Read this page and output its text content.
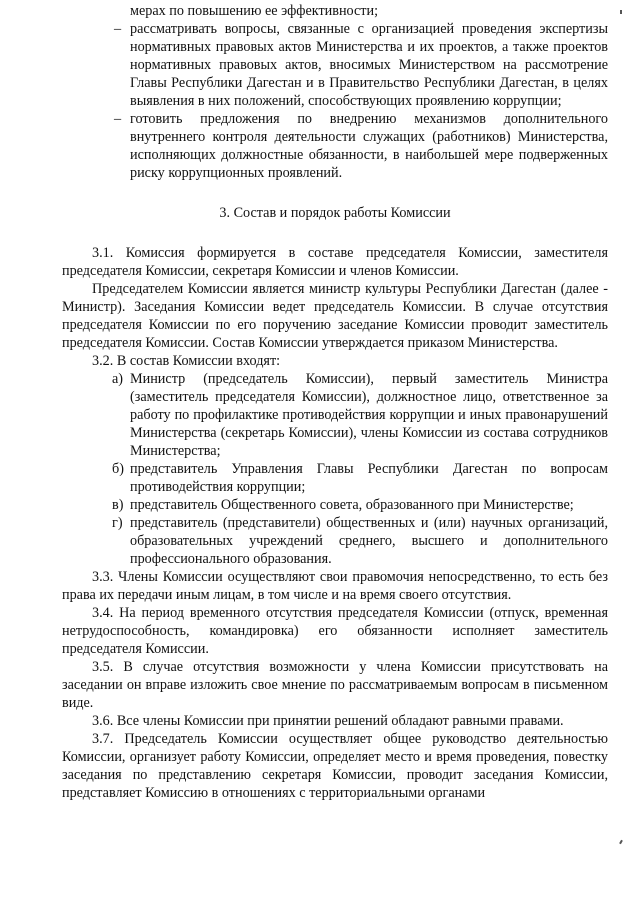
мерах по повышению ее эффективности;
– рассматривать вопросы, связанные с организацией проведения экспертизы нормативных правовых актов Министерства и их проектов, а также проектов нормативных правовых актов, вносимых Министерством на рассмотрение Главы Республики Дагестан и в Правительство Республики Дагестан, в целях выявления в них положений, способствующих проявлению коррупции;
– готовить предложения по внедрению механизмов дополнительного внутреннего контроля деятельности служащих (работников) Министерства, исполняющих должностные обязанности, в наибольшей мере подверженных риску коррупционных проявлений.
3. Состав и порядок работы Комиссии
3.1. Комиссия формируется в составе председателя Комиссии, заместителя председателя Комиссии, секретаря Комиссии и членов Комиссии.
Председателем Комиссии является министр культуры Республики Дагестан (далее - Министр). Заседания Комиссии ведет председатель Комиссии. В случае отсутствия председателя Комиссии по его поручению заседание Комиссии проводит заместитель председателя Комиссии. Состав Комиссии утверждается приказом Министерства.
3.2. В состав Комиссии входят:
а) Министр (председатель Комиссии), первый заместитель Министра (заместитель председателя Комиссии), должностное лицо, ответственное за работу по профилактике противодействия коррупции и иных правонарушений Министерства (секретарь Комиссии), члены Комиссии из состава сотрудников Министерства;
б) представитель Управления Главы Республики Дагестан по вопросам противодействия коррупции;
в) представитель Общественного совета, образованного при Министерстве;
г) представитель (представители) общественных и (или) научных организаций, образовательных учреждений среднего, высшего и дополнительного профессионального образования.
3.3. Члены Комиссии осуществляют свои правомочия непосредственно, то есть без права их передачи иным лицам, в том числе и на время своего отсутствия.
3.4. На период временного отсутствия председателя Комиссии (отпуск, временная нетрудоспособность, командировка) его обязанности исполняет заместитель председателя Комиссии.
3.5. В случае отсутствия возможности у члена Комиссии присутствовать на заседании он вправе изложить свое мнение по рассматриваемым вопросам в письменном виде.
3.6. Все члены Комиссии при принятии решений обладают равными правами.
3.7. Председатель Комиссии осуществляет общее руководство деятельностью Комиссии, организует работу Комиссии, определяет место и время проведения, повестку заседания по представлению секретаря Комиссии, проводит заседания Комиссии, представляет Комиссию в отношениях с территориальными органами
